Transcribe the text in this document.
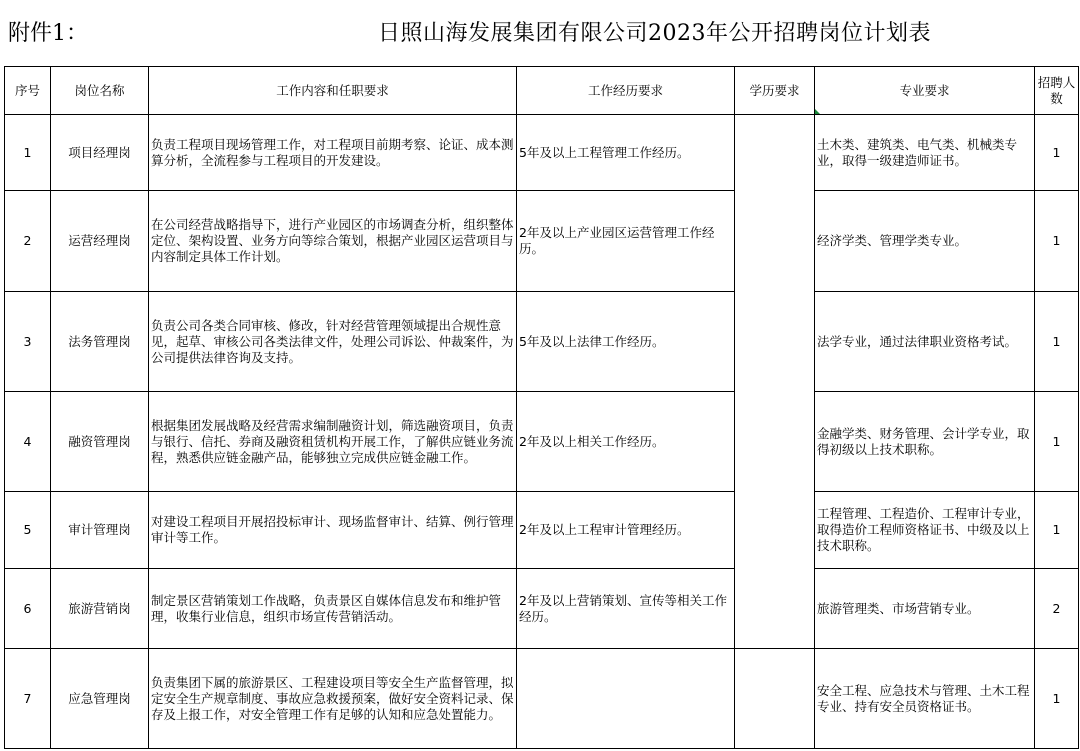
附件1：	日照山海发展集团有限公司2023年公开招聘岗位计划表
序号	岗位名称	工作内容和任职要求	工作经历要求	学历要求	专业要求	招聘人数
1	项目经理岗	负责工程项目现场管理工作，对工程项目前期考察、论证、成本测算分析，全流程参与工程项目的开发建设。	5年及以上工程管理工作经历。		土木类、建筑类、电气类、机械类专业，取得一级建造师证书。	1
2	运营经理岗	在公司经营战略指导下，进行产业园区的市场调查分析，组织整体定位、架构设置、业务方向等综合策划，根据产业园区运营项目与内容制定具体工作计划。	2年及以上产业园区运营管理工作经历。		经济学类、管理学类专业。	1
3	法务管理岗	负责公司各类合同审核、修改，针对经营管理领域提出合规性意见，起草、审核公司各类法律文件，处理公司诉讼、仲裁案件，为公司提供法律咨询及支持。	5年及以上法律工作经历。		法学专业，通过法律职业资格考试。	1
4	融资管理岗	根据集团发展战略及经营需求编制融资计划，筛选融资项目，负责与银行、信托、券商及融资租赁机构开展工作，了解供应链业务流程，熟悉供应链金融产品，能够独立完成供应链金融工作。	2年及以上相关工作经历。		金融学类、财务管理、会计学专业，取得初级以上技术职称。	1
5	审计管理岗	对建设工程项目开展招投标审计、现场监督审计、结算、例行管理审计等工作。	2年及以上工程审计管理经历。		工程管理、工程造价、工程审计专业，取得造价工程师资格证书、中级及以上技术职称。	1
6	旅游营销岗	制定景区营销策划工作战略，负责景区自媒体信息发布和维护管理，收集行业信息，组织市场宣传营销活动。	2年及以上营销策划、宣传等相关工作经历。		旅游管理类、市场营销专业。	2
7	应急管理岗	负责集团下属的旅游景区、工程建设项目等安全生产监督管理，拟定安全生产规章制度、事故应急救援预案，做好安全资料记录、保存及上报工作，对安全管理工作有足够的认知和应急处置能力。			安全工程、应急技术与管理、土木工程专业、持有安全员资格证书。	1
